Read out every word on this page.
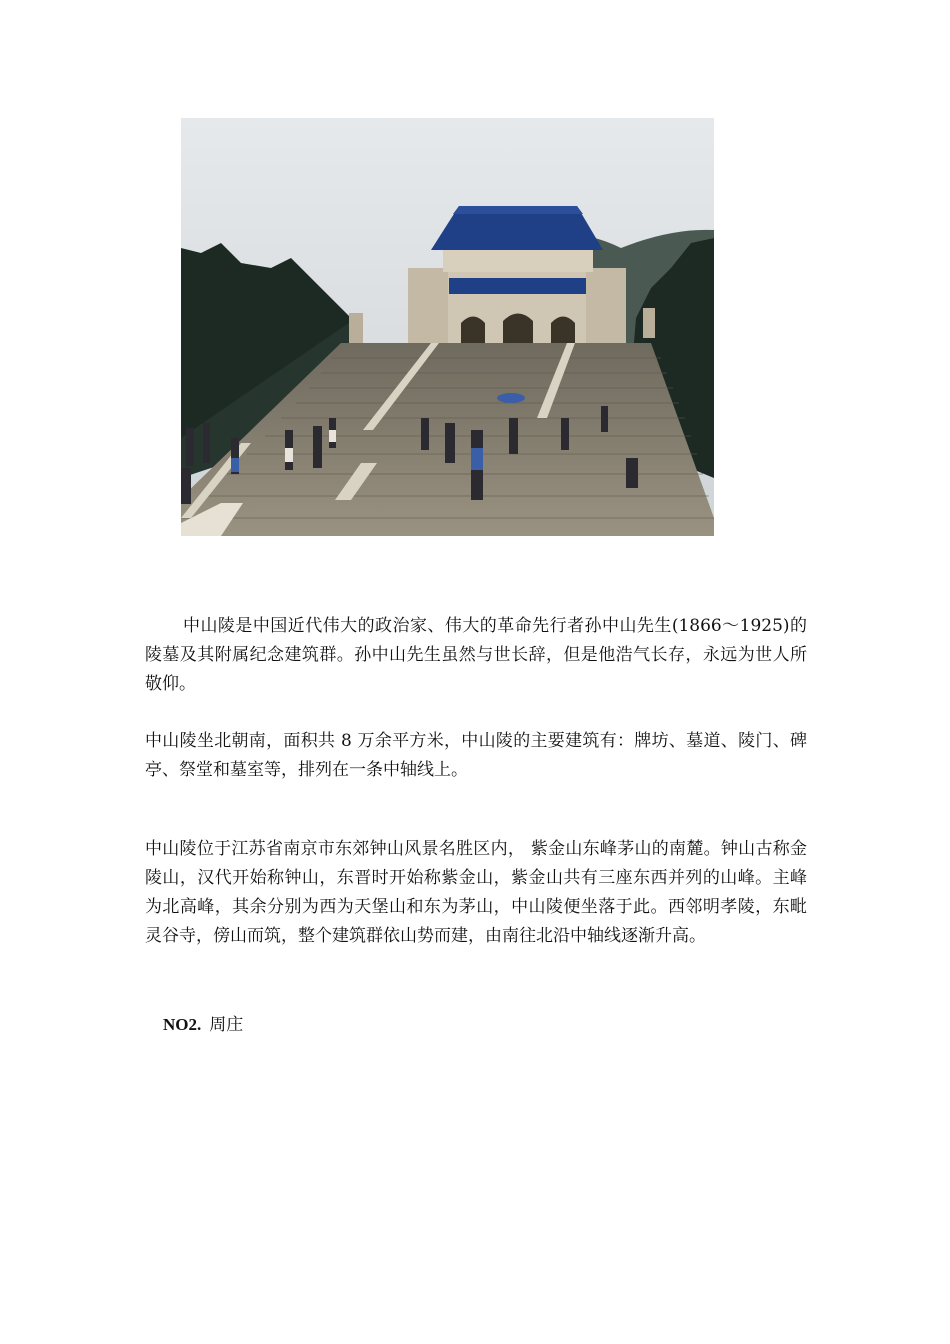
中山陵是中国近代伟大的政治家、伟大的革命先行者孙中山先生(1866～1925)的陵墓及其附属纪念建筑群。孙中山先生虽然与世长辞，但是他浩气长存，永远为世人所敬仰。

中山陵坐北朝南，面积共 8 万余平方米，中山陵的主要建筑有：牌坊、墓道、陵门、碑亭、祭堂和墓室等，排列在一条中轴线上。

中山陵位于江苏省南京市东郊钟山风景名胜区内， 紫金山东峰茅山的南麓。钟山古称金陵山，汉代开始称钟山，东晋时开始称紫金山，紫金山共有三座东西并列的山峰。主峰为北高峰，其余分别为西为天堡山和东为茅山，中山陵便坐落于此。西邻明孝陵，东毗灵谷寺，傍山而筑，整个建筑群依山势而建，由南往北沿中轴线逐渐升高。

NO2. 周庄
